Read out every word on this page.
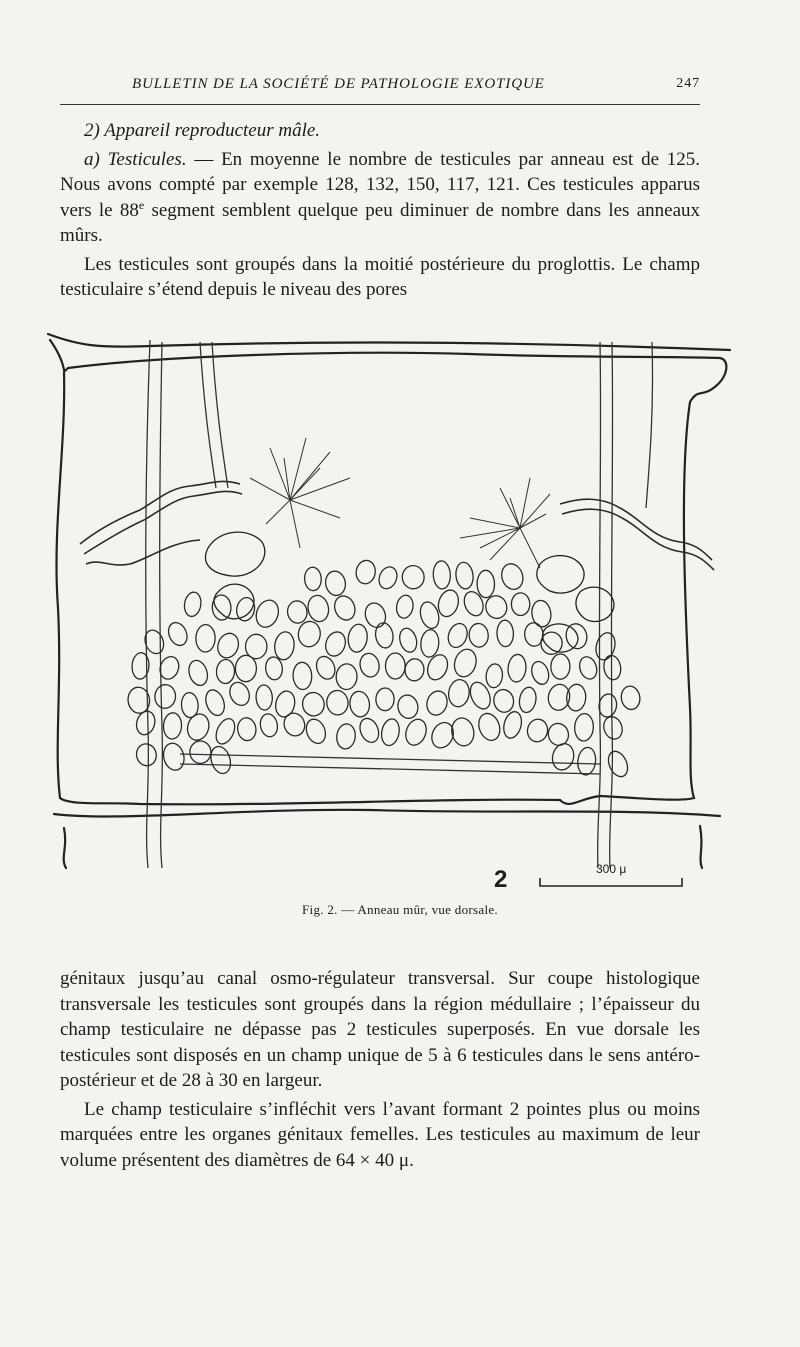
BULLETIN DE LA SOCIÉTÉ DE PATHOLOGIE EXOTIQUE	247

2) Appareil reproducteur mâle.

a) Testicules. — En moyenne le nombre de testicules par anneau est de 125. Nous avons compté par exemple 128, 132, 150, 117, 121. Ces testicules apparus vers le 88e segment semblent quelque peu diminuer de nombre dans les anneaux mûrs.

Les testicules sont groupés dans la moitié postérieure du proglottis. Le champ testiculaire s’étend depuis le niveau des pores

2	300 μ
Fig. 2. — Anneau mûr, vue dorsale.

génitaux jusqu’au canal osmo-régulateur transversal. Sur coupe histologique transversale les testicules sont groupés dans la région médullaire ; l’épaisseur du champ testiculaire ne dépasse pas 2 testicules superposés. En vue dorsale les testicules sont disposés en un champ unique de 5 à 6 testicules dans le sens antéro-postérieur et de 28 à 30 en largeur.

Le champ testiculaire s’infléchit vers l’avant formant 2 pointes plus ou moins marquées entre les organes génitaux femelles. Les testicules au maximum de leur volume présentent des diamètres de 64 × 40 μ.
